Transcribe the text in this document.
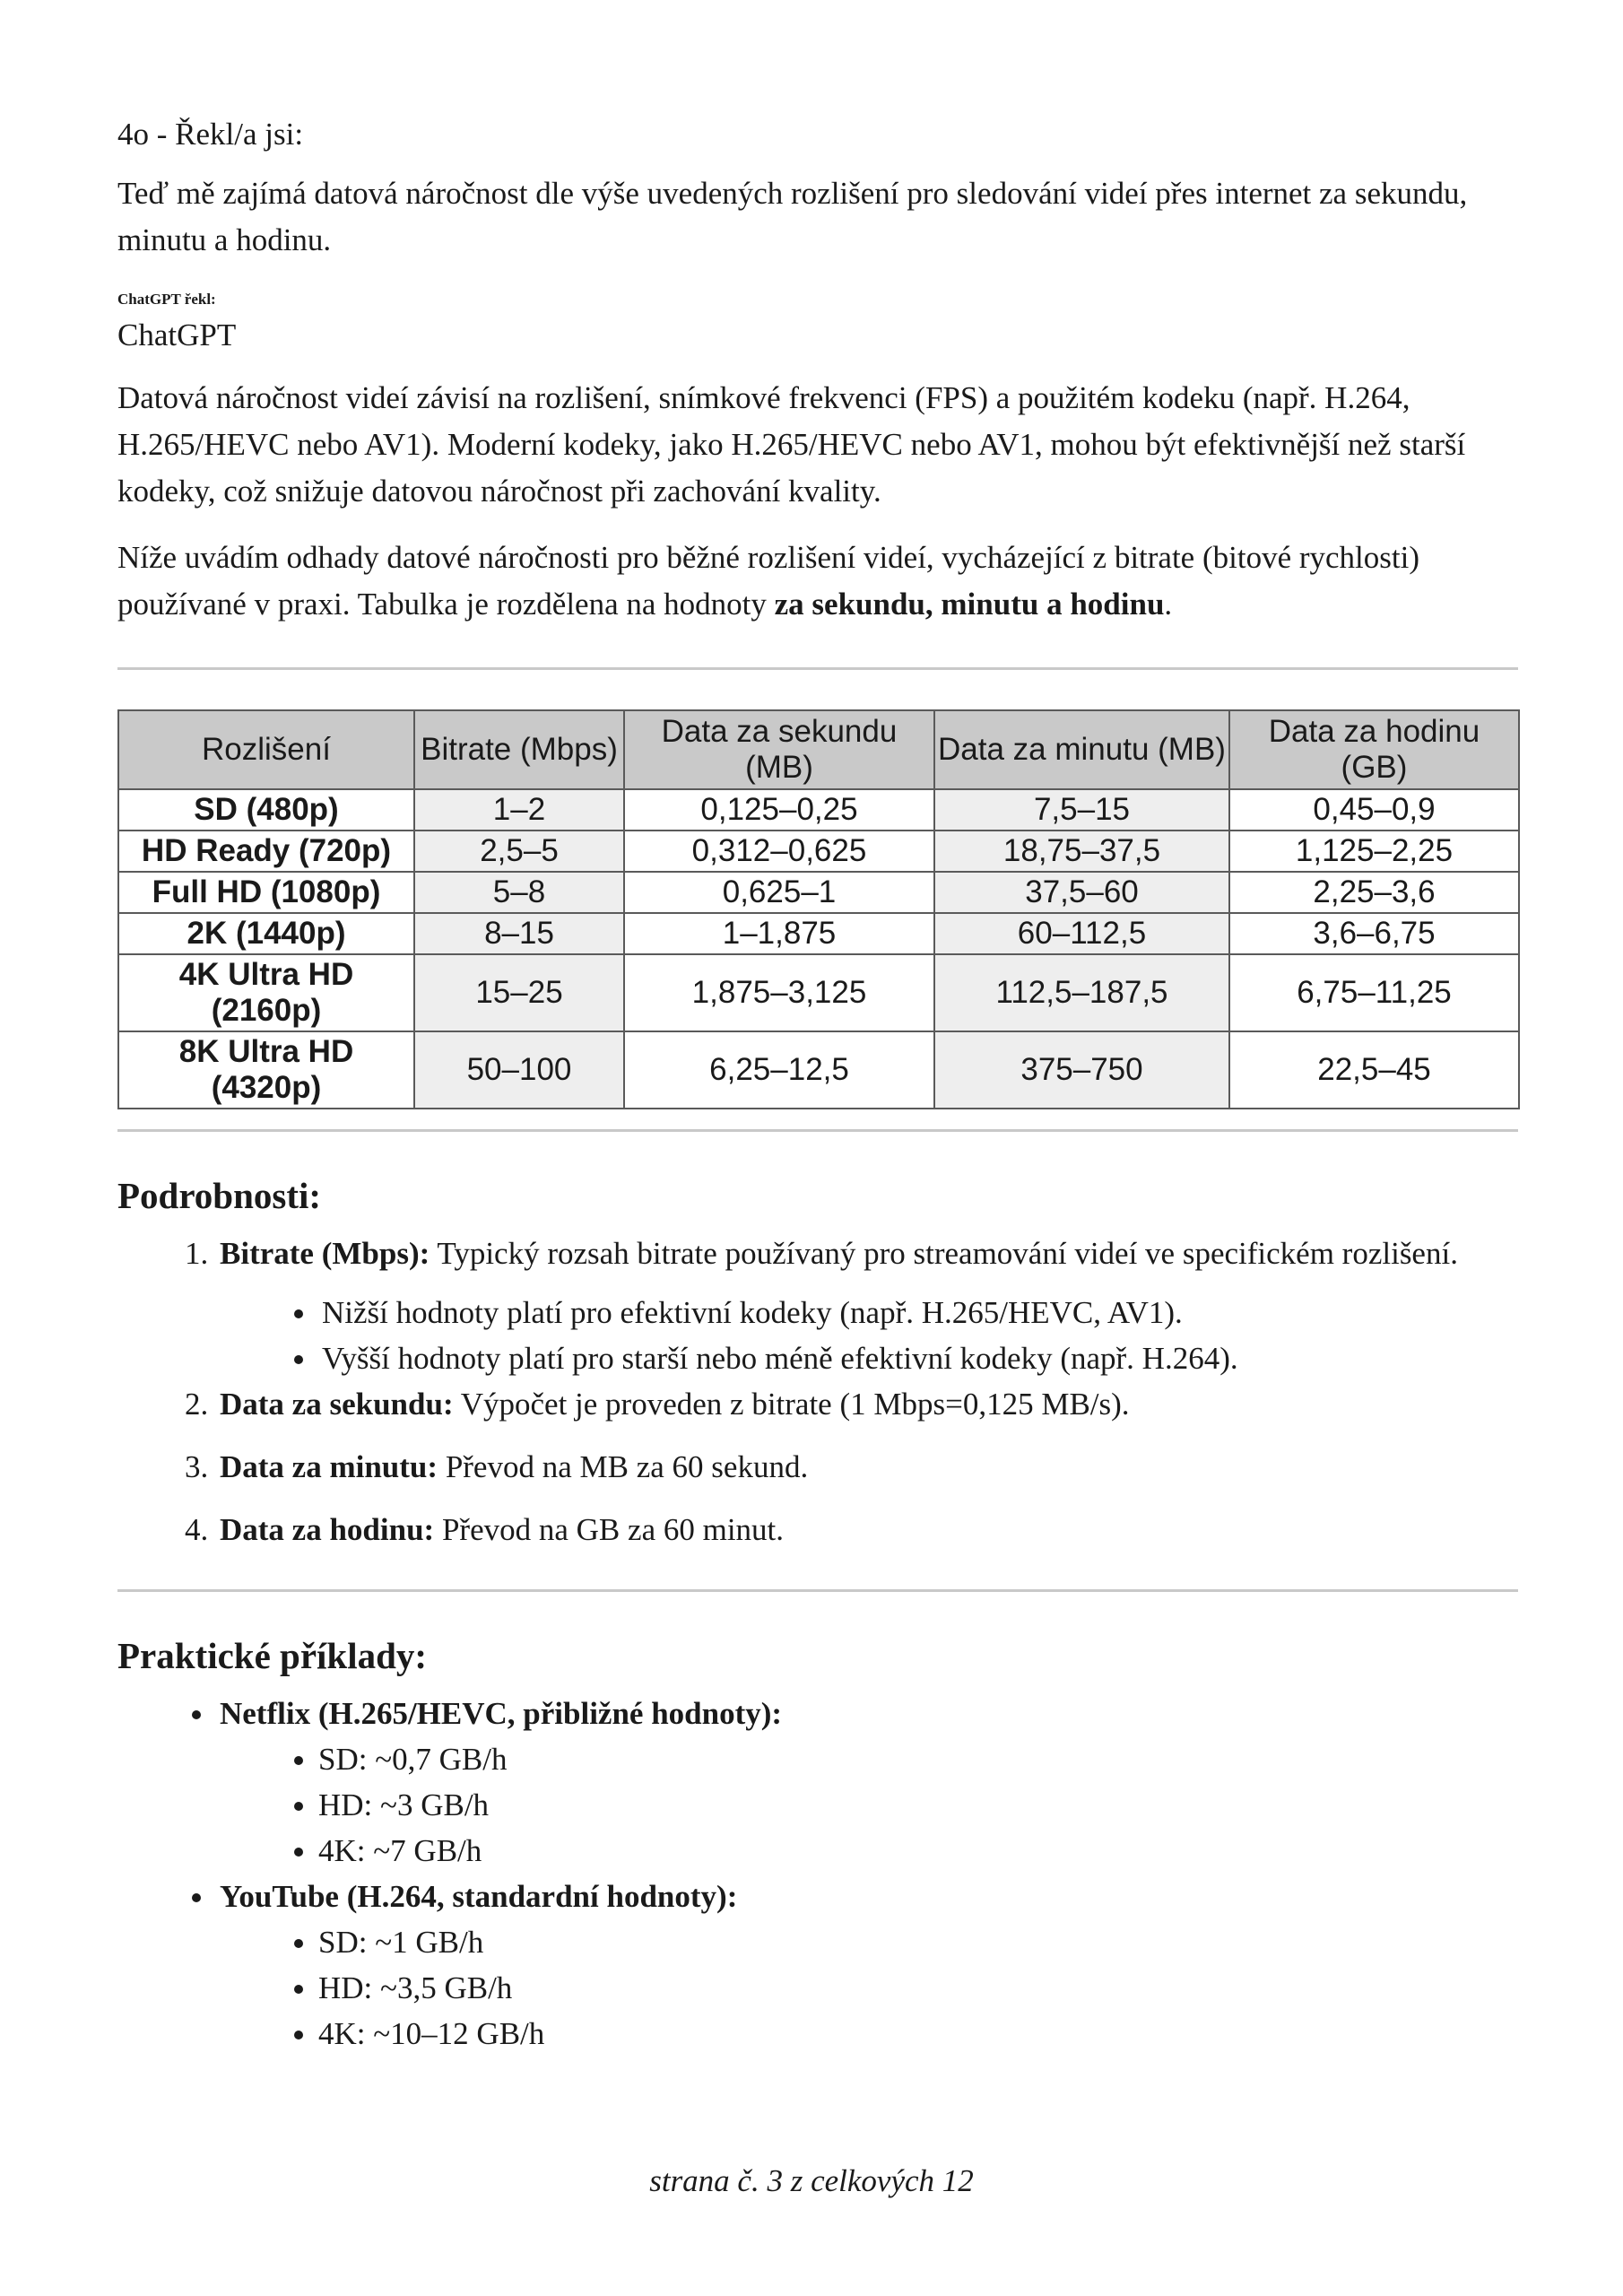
4o - Řekl/a jsi:

Teď mě zajímá datová náročnost dle výše uvedených rozlišení pro sledování videí přes internet za sekundu, minutu a hodinu.

ChatGPT řekl:

ChatGPT

Datová náročnost videí závisí na rozlišení, snímkové frekvenci (FPS) a použitém kodeku (např. H.264, H.265/HEVC nebo AV1). Moderní kodeky, jako H.265/HEVC nebo AV1, mohou být efektivnější než starší kodeky, což snižuje datovou náročnost při zachování kvality.

Níže uvádím odhady datové náročnosti pro běžné rozlišení videí, vycházející z bitrate (bitové rychlosti) používané v praxi. Tabulka je rozdělena na hodnoty za sekundu, minutu a hodinu.

Rozlišení	Bitrate (Mbps)	Data za sekundu (MB)	Data za minutu (MB)	Data za hodinu (GB)
SD (480p)	1–2	0,125–0,25	7,5–15	0,45–0,9
HD Ready (720p)	2,5–5	0,312–0,625	18,75–37,5	1,125–2,25
Full HD (1080p)	5–8	0,625–1	37,5–60	2,25–3,6
2K (1440p)	8–15	1–1,875	60–112,5	3,6–6,75
4K Ultra HD (2160p)	15–25	1,875–3,125	112,5–187,5	6,75–11,25
8K Ultra HD (4320p)	50–100	6,25–12,5	375–750	22,5–45
Podrobnosti:
1. Bitrate (Mbps): Typický rozsah bitrate používaný pro streamování videí ve specifickém rozlišení.
• Nižší hodnoty platí pro efektivní kodeky (např. H.265/HEVC, AV1).
• Vyšší hodnoty platí pro starší nebo méně efektivní kodeky (např. H.264).
2. Data za sekundu: Výpočet je proveden z bitrate (1 Mbps=0,125 MB/s).
3. Data za minutu: Převod na MB za 60 sekund.
4. Data za hodinu: Převod na GB za 60 minut.
Praktické příklady:
• Netflix (H.265/HEVC, přibližné hodnoty):
• SD: ~0,7 GB/h
• HD: ~3 GB/h
• 4K: ~7 GB/h
• YouTube (H.264, standardní hodnoty):
• SD: ~1 GB/h
• HD: ~3,5 GB/h
• 4K: ~10–12 GB/h
strana č. 3 z celkových 12
